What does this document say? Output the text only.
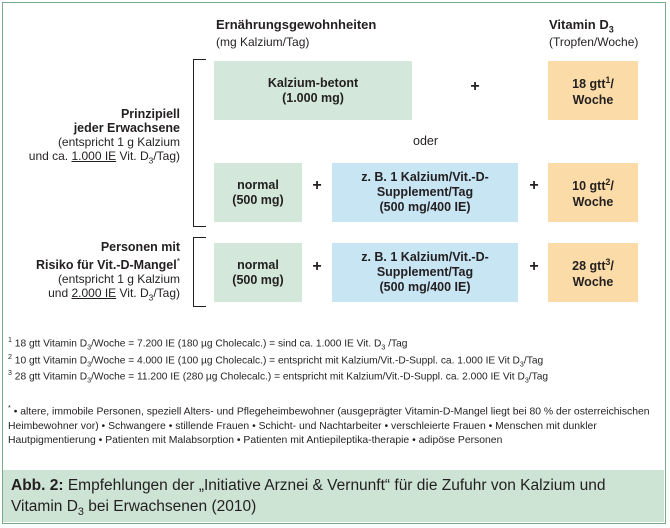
Ernährungsgewohnheiten
(mg Kalzium/Tag)
Vitamin $D_3$
(Tropfen/Woche)
Prinzipiell
jeder Erwachsene
(entspricht 1 g Kalzium
und ca. 1.000 IE Vit. $D_3/Tag$)
Personen mit
Risiko für Vit.-D-Mangel*
(entspricht 1 g Kalzium
und 2.000 IE Vit. $D_3/Tag$)
Kalzium-betont
(1.000 mg)
+	18 gtt$^1$/
Woche
oder
normal
(500 mg)
+	z. B. 1 Kalzium/Vit.-D-
Supplement/Tag
(500 mg/400 IE)
+	10 gtt$^2$/
Woche
normal
(500 mg)
+
z. B. 1 Kalzium/Vit.-D-
Supplement/Tag
(500 mg/400 IE)
+	28 gtt$^3$/
Woche
$^1$ 18 gtt Vitamin $D_3$/Woche = 7.200 IE (180 µg Cholecalc.) = sind ca. 1.000 IE Vit. $D_3$ /Tag
$^2$ 10 gtt Vitamin $D_3$/Woche = 4.000 IE (100 µg Cholecalc.) = entspricht mit Kalzium/Vit.-D-Suppl. ca. 1.000 IE Vit $D_3$/Tag
$^3$ 28 gtt Vitamin $D_3$/Woche = 11.200 IE (280 µg Cholecalc.) = entspricht mit Kalzium/Vit.-D-Suppl. ca. 2.000 IE Vit $D_3$/Tag
* • altere, immobile Personen, speziell Alters- und Pflegeheimbewohner (ausgeprägter Vitamin-D-Mangel liegt bei 80 % der osterreichischen Heimbewohner vor) • Schwangere • stillende Frauen • Schicht- und Nachtarbeiter • verschleierte Frauen • Menschen mit dunkler Hautpigmentierung • Patienten mit Malabsorption • Patienten mit Antiepileptika-therapie • adipöse Personen
Abb. 2: Empfehlungen der „Initiative Arznei & Vernunft“ für die Zufuhr von Kalzium und Vitamin $D_3$ bei Erwachsenen (2010)
